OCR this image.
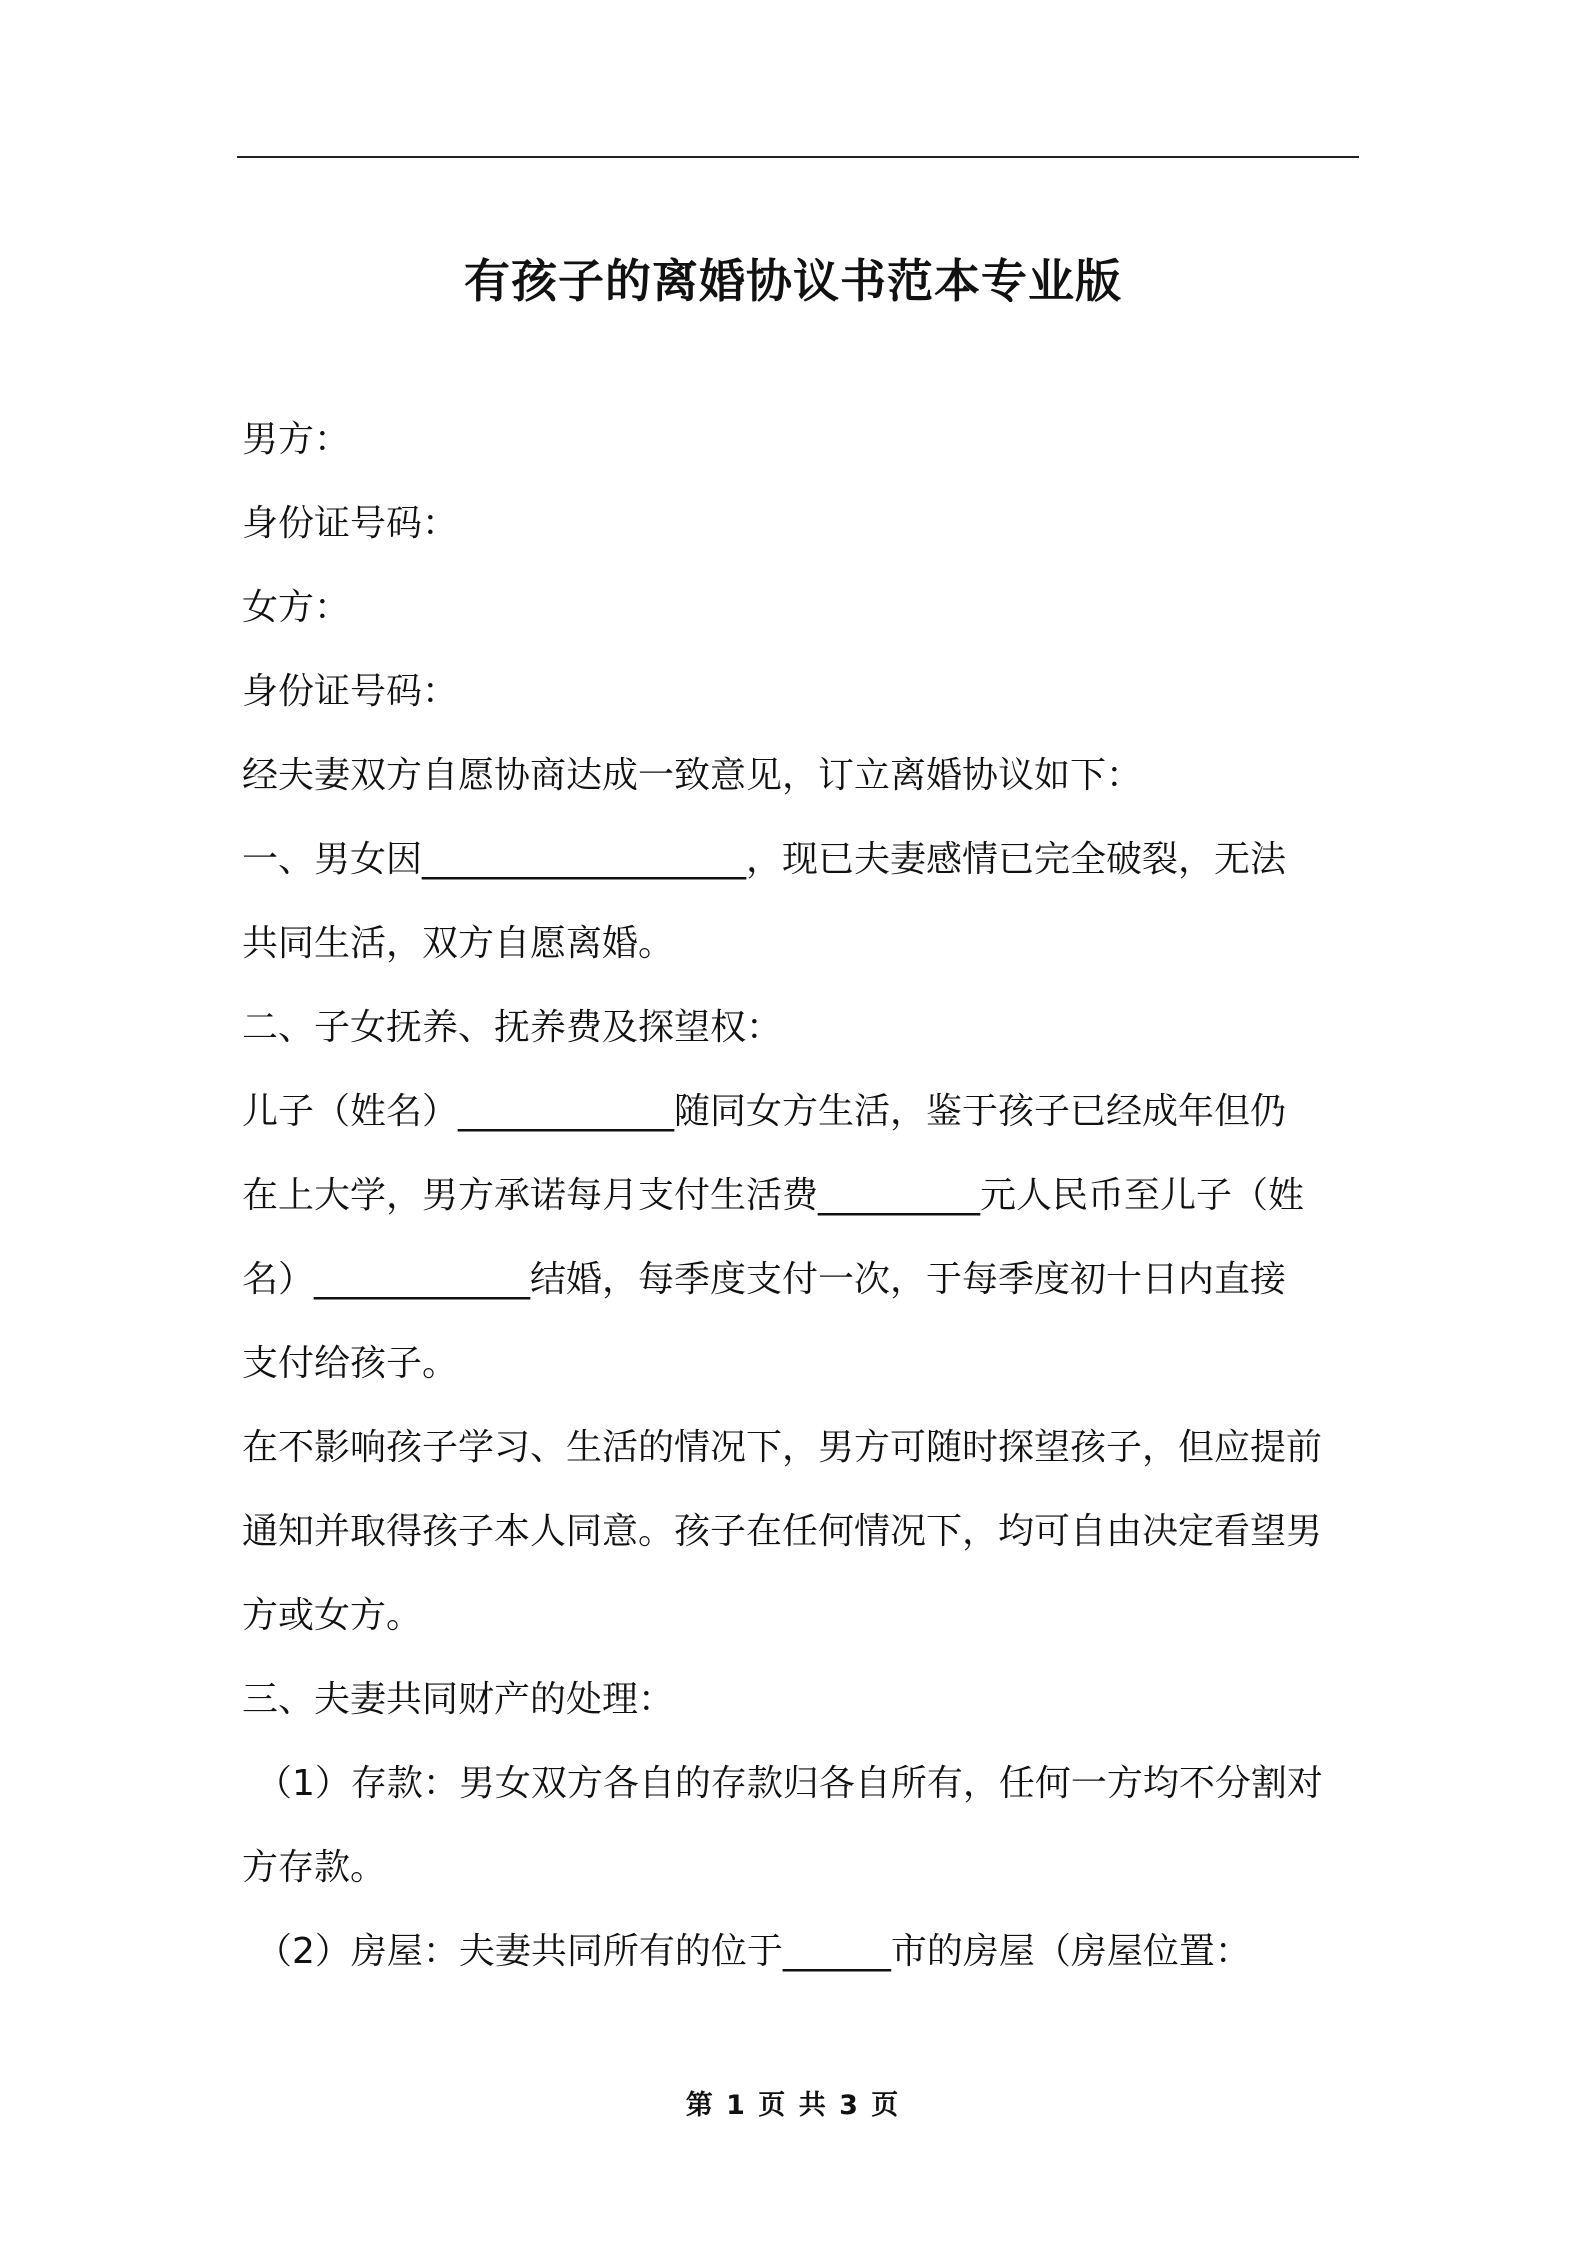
有孩子的离婚协议书范本专业版

男方：

身份证号码：

女方：

身份证号码：

经夫妻双方自愿协商达成一致意见，订立离婚协议如下：

一、男女因__________________，现已夫妻感情已完全破裂，无法

共同生活，双方自愿离婚。

二、子女抚养、抚养费及探望权：

儿子（姓名）____________随同女方生活，鉴于孩子已经成年但仍

在上大学，男方承诺每月支付生活费_________元人民币至儿子（姓

名）____________结婚，每季度支付一次，于每季度初十日内直接

支付给孩子。

在不影响孩子学习、生活的情况下，男方可随时探望孩子，但应提前

通知并取得孩子本人同意。孩子在任何情况下，均可自由决定看望男

方或女方。

三、夫妻共同财产的处理：

（1）存款：男女双方各自的存款归各自所有，任何一方均不分割对

方存款。

（2）房屋：夫妻共同所有的位于______市的房屋（房屋位置：

第 1 页 共 3 页
